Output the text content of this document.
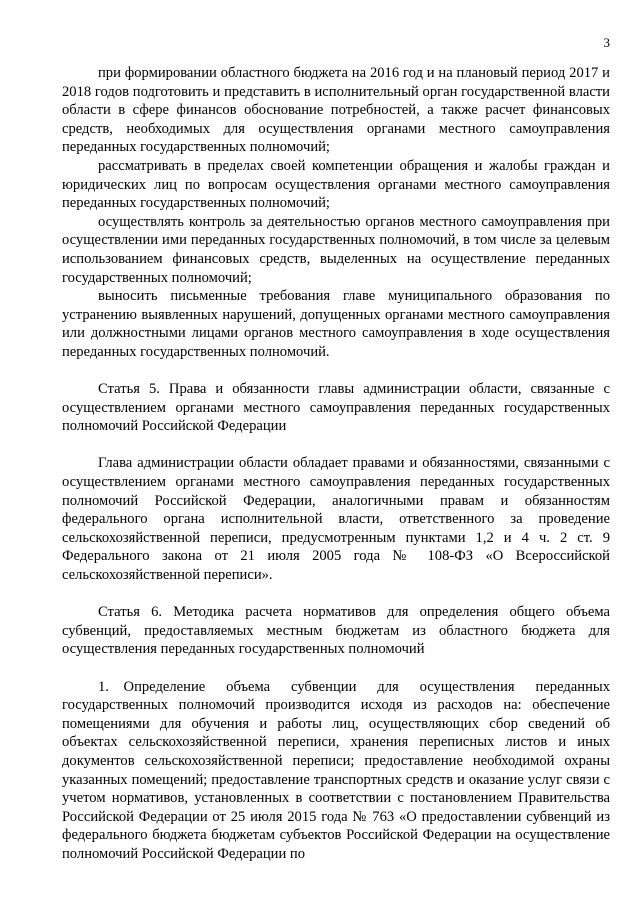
3

при формировании областного бюджета на 2016 год и на плановый период 2017 и 2018 годов подготовить и представить в исполнительный орган государственной власти области в сфере финансов обоснование потребностей, а также расчет финансовых средств, необходимых для осуществления органами местного самоуправления переданных государственных полномочий;

рассматривать в пределах своей компетенции обращения и жалобы граждан и юридических лиц по вопросам осуществления органами местного самоуправления переданных государственных полномочий;

осуществлять контроль за деятельностью органов местного самоуправления при осуществлении ими переданных государственных полномочий, в том числе за целевым использованием финансовых средств, выделенных на осуществление переданных государственных полномочий;

выносить письменные требования главе муниципального образования по устранению выявленных нарушений, допущенных органами местного самоуправления или должностными лицами органов местного самоуправления в ходе осуществления переданных государственных полномочий.

Статья 5. Права и обязанности главы администрации области, связанные с осуществлением органами местного самоуправления переданных государственных полномочий Российской Федерации

Глава администрации области обладает правами и обязанностями, связанными с осуществлением органами местного самоуправления переданных государственных полномочий Российской Федерации, аналогичными правам и обязанностям федерального органа исполнительной власти, ответственного за проведение сельскохозяйственной переписи, предусмотренным пунктами 1,2 и 4 ч. 2 ст. 9 Федерального закона от 21 июля 2005 года № 108-ФЗ «О Всероссийской сельскохозяйственной переписи».

Статья 6. Методика расчета нормативов для определения общего объема субвенций, предоставляемых местным бюджетам из областного бюджета для осуществления переданных государственных полномочий

1. Определение объема субвенции для осуществления переданных государственных полномочий производится исходя из расходов на: обеспечение помещениями для обучения и работы лиц, осуществляющих сбор сведений об объектах сельскохозяйственной переписи, хранения переписных листов и иных документов сельскохозяйственной переписи; предоставление необходимой охраны указанных помещений; предоставление транспортных средств и оказание услуг связи с учетом нормативов, установленных в соответствии с постановлением Правительства Российской Федерации от 25 июля 2015 года № 763 «О предоставлении субвенций из федерального бюджета бюджетам субъектов Российской Федерации на осуществление полномочий Российской Федерации по
